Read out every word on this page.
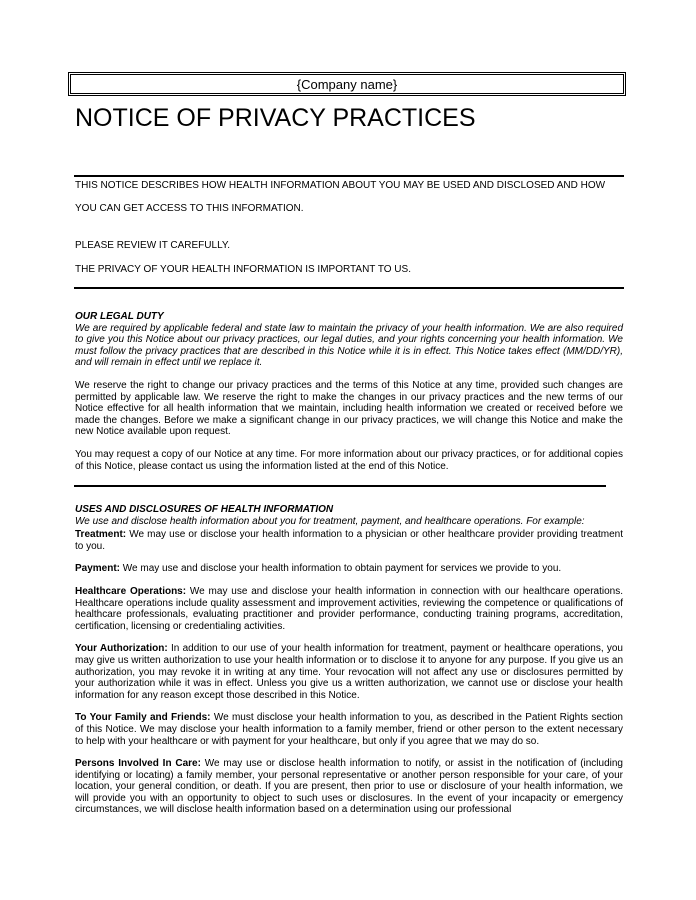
{Company name}
NOTICE OF PRIVACY PRACTICES
THIS NOTICE DESCRIBES HOW HEALTH INFORMATION ABOUT YOU MAY BE USED AND DISCLOSED AND HOW
YOU CAN GET ACCESS TO THIS INFORMATION.
PLEASE REVIEW IT CAREFULLY.
THE PRIVACY OF YOUR HEALTH INFORMATION IS IMPORTANT TO US.

OUR LEGAL DUTY

We are required by applicable federal and state law to maintain the privacy of your health information. We are also required to give you this Notice about our privacy practices, our legal duties, and your rights concerning your health information. We must follow the privacy practices that are described in this Notice while it is in effect. This Notice takes effect (MM/DD/YR), and will remain in effect until we replace it.

We reserve the right to change our privacy practices and the terms of this Notice at any time, provided such changes are permitted by applicable law. We reserve the right to make the changes in our privacy practices and the new terms of our Notice effective for all health information that we maintain, including health information we created or received before we made the changes. Before we make a significant change in our privacy practices, we will change this Notice and make the new Notice available upon request.

You may request a copy of our Notice at any time. For more information about our privacy practices, or for additional copies of this Notice, please contact us using the information listed at the end of this Notice.

USES AND DISCLOSURES OF HEALTH INFORMATION

We use and disclose health information about you for treatment, payment, and healthcare operations. For example:

Treatment: We may use or disclose your health information to a physician or other healthcare provider providing treatment to you.

Payment: We may use and disclose your health information to obtain payment for services we provide to you.

Healthcare Operations: We may use and disclose your health information in connection with our healthcare operations. Healthcare operations include quality assessment and improvement activities, reviewing the competence or qualifications of healthcare professionals, evaluating practitioner and provider performance, conducting training programs, accreditation, certification, licensing or credentialing activities.

Your Authorization: In addition to our use of your health information for treatment, payment or healthcare operations, you may give us written authorization to use your health information or to disclose it to anyone for any purpose. If you give us an authorization, you may revoke it in writing at any time. Your revocation will not affect any use or disclosures permitted by your authorization while it was in effect. Unless you give us a written authorization, we cannot use or disclose your health information for any reason except those described in this Notice.

To Your Family and Friends: We must disclose your health information to you, as described in the Patient Rights section of this Notice. We may disclose your health information to a family member, friend or other person to the extent necessary to help with your healthcare or with payment for your healthcare, but only if you agree that we may do so.

Persons Involved In Care: We may use or disclose health information to notify, or assist in the notification of (including identifying or locating) a family member, your personal representative or another person responsible for your care, of your location, your general condition, or death. If you are present, then prior to use or disclosure of your health information, we will provide you with an opportunity to object to such uses or disclosures. In the event of your incapacity or emergency circumstances, we will disclose health information based on a determination using our professional
